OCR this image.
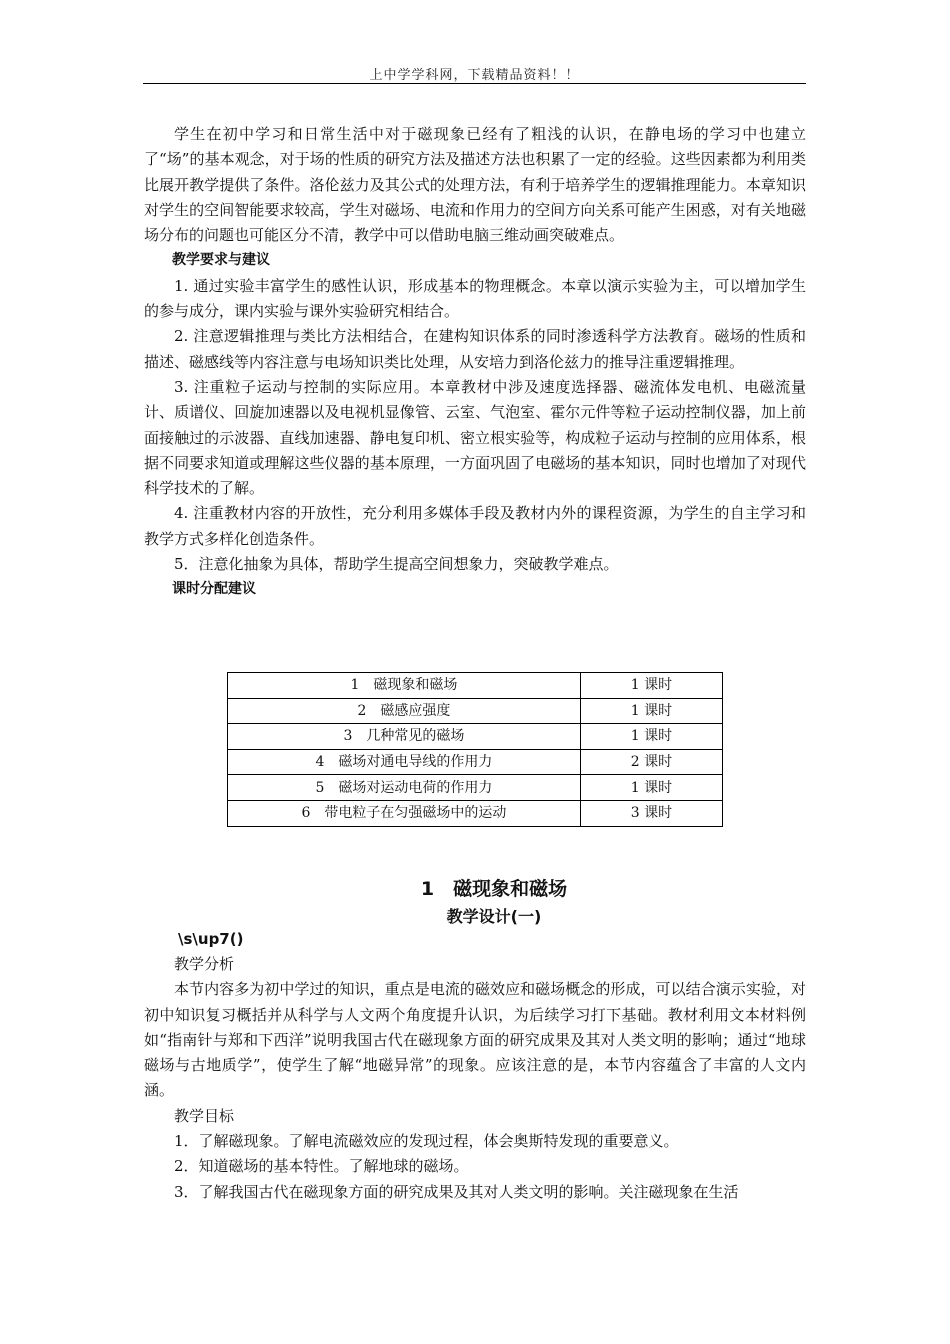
上中学学科网，下载精品资料！！

学生在初中学习和日常生活中对于磁现象已经有了粗浅的认识，在静电场的学习中也建立了“场”的基本观念，对于场的性质的研究方法及描述方法也积累了一定的经验。这些因素都为利用类比展开教学提供了条件。洛伦兹力及其公式的处理方法，有利于培养学生的逻辑推理能力。本章知识对学生的空间智能要求较高，学生对磁场、电流和作用力的空间方向关系可能产生困惑，对有关地磁场分布的问题也可能区分不清，教学中可以借助电脑三维动画突破难点。

教学要求与建议

1. 通过实验丰富学生的感性认识，形成基本的物理概念。本章以演示实验为主，可以增加学生的参与成分，课内实验与课外实验研究相结合。

2. 注意逻辑推理与类比方法相结合，在建构知识体系的同时渗透科学方法教育。磁场的性质和描述、磁感线等内容注意与电场知识类比处理，从安培力到洛伦兹力的推导注重逻辑推理。

3. 注重粒子运动与控制的实际应用。本章教材中涉及速度选择器、磁流体发电机、电磁流量计、质谱仪、回旋加速器以及电视机显像管、云室、气泡室、霍尔元件等粒子运动控制仪器，加上前面接触过的示波器、直线加速器、静电复印机、密立根实验等，构成粒子运动与控制的应用体系，根据不同要求知道或理解这些仪器的基本原理，一方面巩固了电磁场的基本知识，同时也增加了对现代科学技术的了解。

4. 注重教材内容的开放性，充分利用多媒体手段及教材内外的课程资源，为学生的自主学习和教学方式多样化创造条件。

5．注意化抽象为具体，帮助学生提高空间想象力，突破教学难点。

课时分配建议

1　磁现象和磁场	1 课时
2　磁感应强度	1 课时
3　几种常见的磁场	1 课时
4　磁场对通电导线的作用力	2 课时
5　磁场对运动电荷的作用力	1 课时
6　带电粒子在匀强磁场中的运动	3 课时
1　磁现象和磁场
教学设计(一)
\s\up7()

教学分析

本节内容多为初中学过的知识，重点是电流的磁效应和磁场概念的形成，可以结合演示实验，对初中知识复习概括并从科学与人文两个角度提升认识，为后续学习打下基础。教材利用文本材料例如“指南针与郑和下西洋”说明我国古代在磁现象方面的研究成果及其对人类文明的影响；通过“地球磁场与古地质学”，使学生了解“地磁异常”的现象。应该注意的是，本节内容蕴含了丰富的人文内涵。

教学目标

1．了解磁现象。了解电流磁效应的发现过程，体会奥斯特发现的重要意义。

2．知道磁场的基本特性。了解地球的磁场。

3．了解我国古代在磁现象方面的研究成果及其对人类文明的影响。关注磁现象在生活
